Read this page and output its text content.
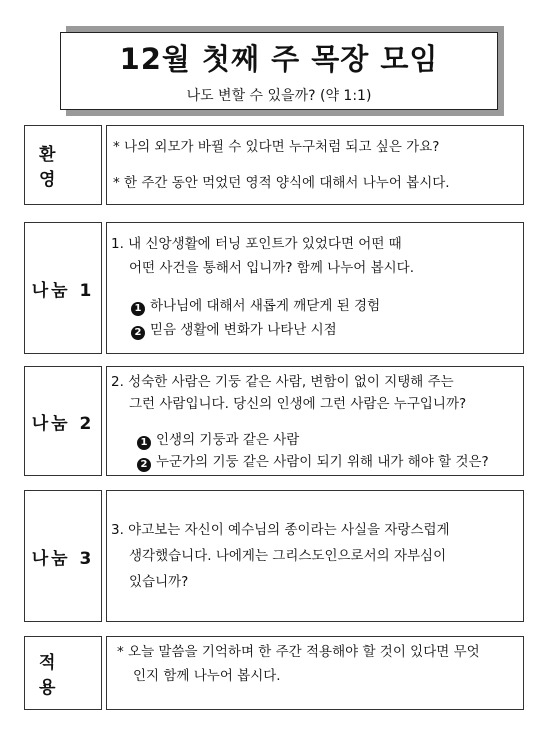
12월 첫째 주 목장 모임
나도 변할 수 있을까? (약 1:1)
환 영
* 나의 외모가 바뀔 수 있다면 누구처럼 되고 싶은 가요?
* 한 주간 동안 먹었던 영적 양식에 대해서 나누어 봅시다.
나눔 1
1. 내 신앙생활에 터닝 포인트가 있었다면 어떤 때
어떤 사건을 통해서 입니까? 함께 나누어 봅시다.
1 하나님에 대해서 새롭게 깨닫게 된 경험
2 믿음 생활에 변화가 나타난 시점
나눔 2
2. 성숙한 사람은 기둥 같은 사람, 변함이 없이 지탱해 주는
그런 사람입니다. 당신의 인생에 그런 사람은 누구입니까?
1 인생의 기둥과 같은 사람
2 누군가의 기둥 같은 사람이 되기 위해 내가 해야 할 것은?
나눔 3
3. 야고보는 자신이 예수님의 종이라는 사실을 자랑스럽게
생각했습니다. 나에게는 그리스도인으로서의 자부심이
있습니까?
적 용
* 오늘 말씀을 기억하며 한 주간 적용해야 할 것이 있다면 무엇
인지 함께 나누어 봅시다.
